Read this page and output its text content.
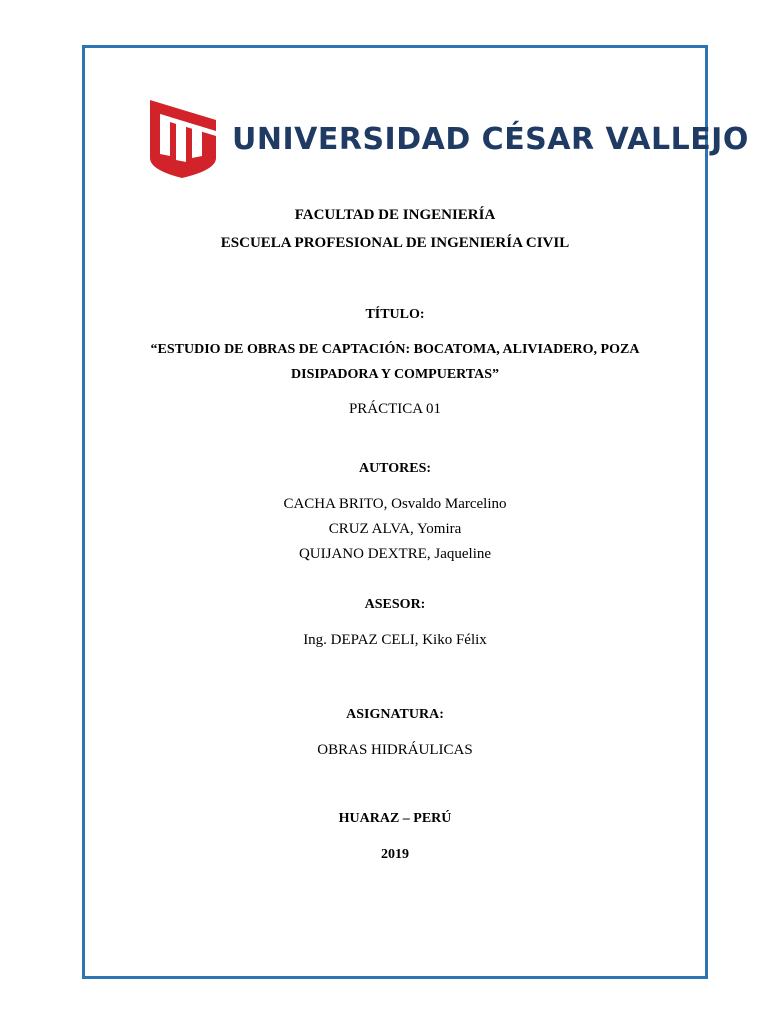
UNIVERSIDAD CÉSAR VALLEJO
FACULTAD DE INGENIERÍA
ESCUELA PROFESIONAL DE INGENIERÍA CIVIL
TÍTULO:
“ESTUDIO DE OBRAS DE CAPTACIÓN: BOCATOMA, ALIVIADERO, POZA
DISIPADORA Y COMPUERTAS”
PRÁCTICA 01
AUTORES:
CACHA BRITO, Osvaldo Marcelino
CRUZ ALVA, Yomira
QUIJANO DEXTRE, Jaqueline
ASESOR:
Ing. DEPAZ CELI, Kiko Félix
ASIGNATURA:
OBRAS HIDRÁULICAS
HUARAZ – PERÚ
2019
